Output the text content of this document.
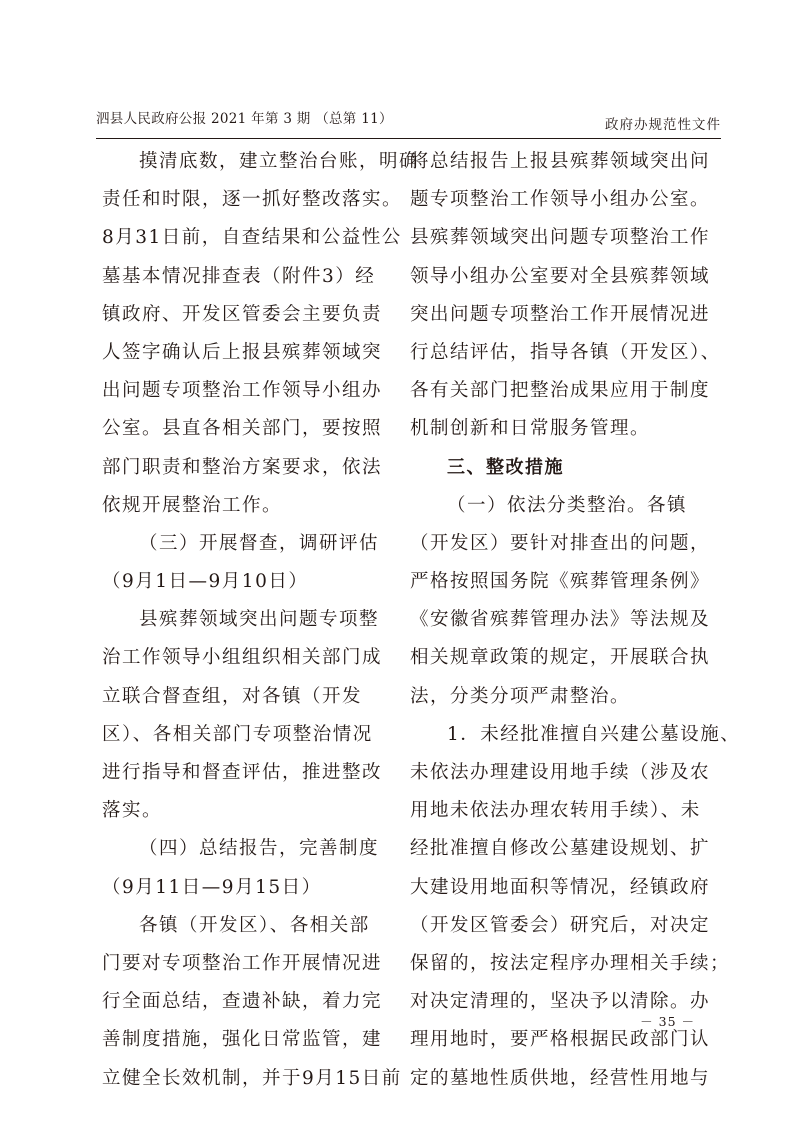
泗县人民政府公报 2021 年第 3 期 （总第 11）	政府办规范性文件
摸清底数，建立整治台账，明确
责任和时限，逐一抓好整改落实。
8月31日前，自查结果和公益性公
墓基本情况排查表（附件3）经
镇政府、开发区管委会主要负责
人签字确认后上报县殡葬领域突
出问题专项整治工作领导小组办
公室。县直各相关部门，要按照
部门职责和整治方案要求，依法
依规开展整治工作。
（三）开展督查，调研评估
（9月1日—9月10日）
县殡葬领域突出问题专项整
治工作领导小组组织相关部门成
立联合督查组，对各镇（开发
区）、各相关部门专项整治情况
进行指导和督查评估，推进整改
落实。
（四）总结报告，完善制度
（9月11日—9月15日）
各镇（开发区）、各相关部
门要对专项整治工作开展情况进
行全面总结，查遗补缺，着力完
善制度措施，强化日常监管，建
立健全长效机制，并于9月15日前
将总结报告上报县殡葬领域突出问
题专项整治工作领导小组办公室。
县殡葬领域突出问题专项整治工作
领导小组办公室要对全县殡葬领域
突出问题专项整治工作开展情况进
行总结评估，指导各镇（开发区）、
各有关部门把整治成果应用于制度
机制创新和日常服务管理。
三、整改措施
（一）依法分类整治。各镇
（开发区）要针对排查出的问题，
严格按照国务院《殡葬管理条例》
《安徽省殡葬管理办法》等法规及
相关规章政策的规定，开展联合执
法，分类分项严肃整治。
1．未经批准擅自兴建公墓设施、
未依法办理建设用地手续（涉及农
用地未依法办理农转用手续）、未
经批准擅自修改公墓建设规划、扩
大建设用地面积等情况，经镇政府
（开发区管委会）研究后，对决定
保留的，按法定程序办理相关手续；
对决定清理的，坚决予以清除。办
理用地时，要严格根据民政部门认
定的墓地性质供地，经营性用地与
－ 35 －
